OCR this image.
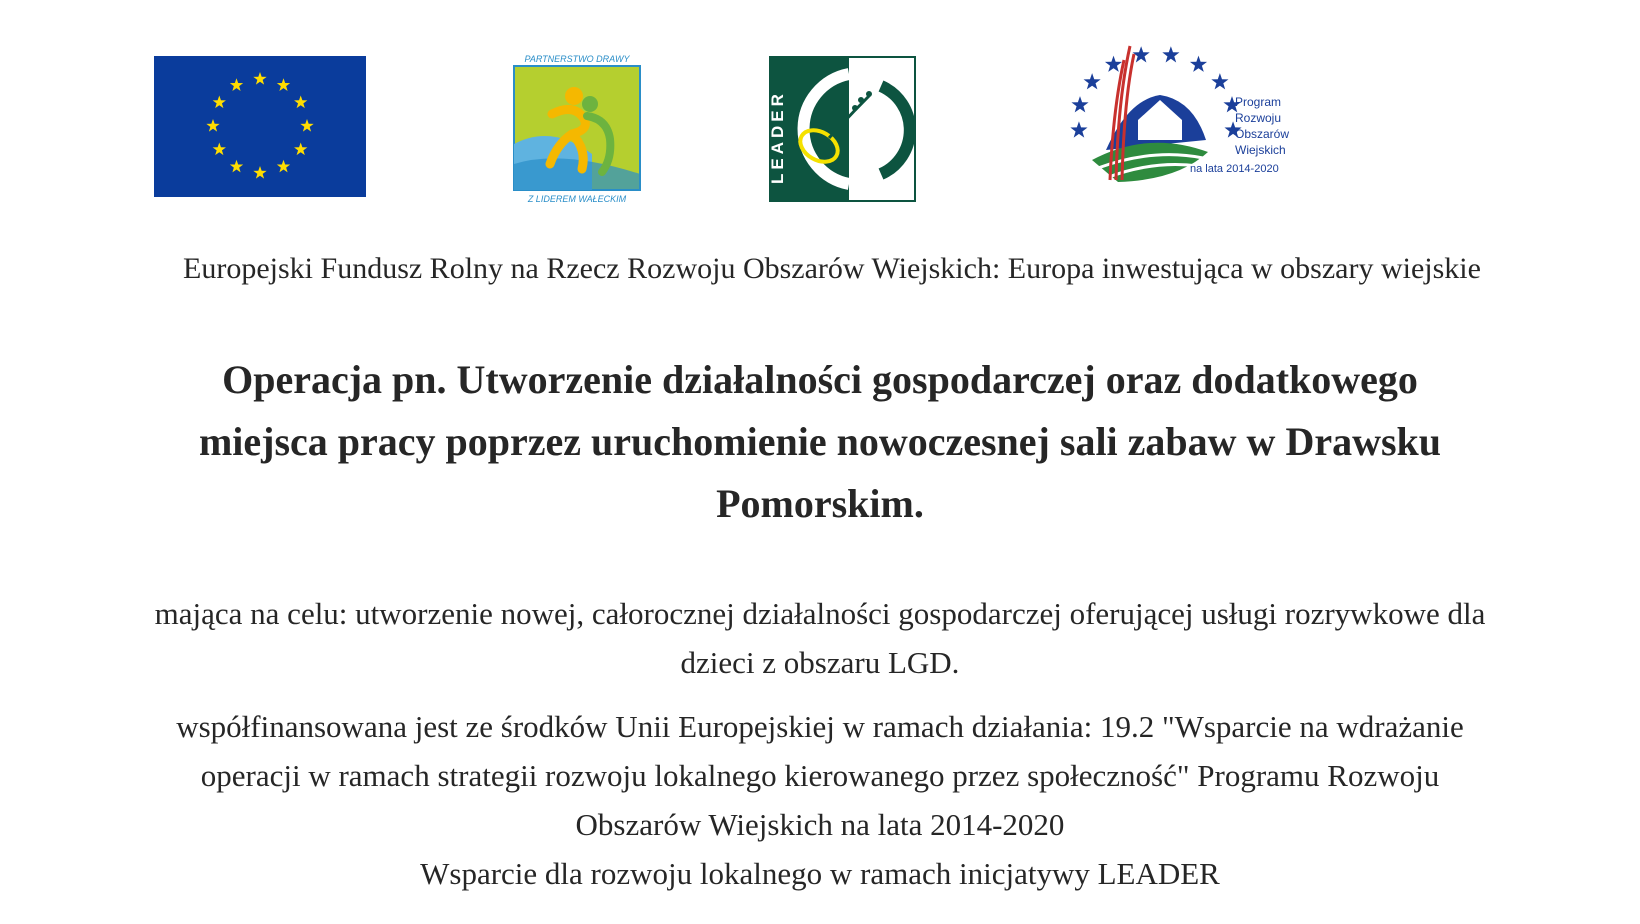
PARTNERSTWO DRAWY
Z LIDEREM WAŁECKIM
LEADER	Program
Rozwoju
Obszarów
Wiejskich
na lata 2014-2020
Europejski Fundusz Rolny na Rzecz Rozwoju Obszarów Wiejskich: Europa inwestująca w obszary wiejskie
Operacja pn. Utworzenie działalności gospodarczej oraz dodatkowego
miejsca pracy poprzez uruchomienie nowoczesnej sali zabaw w Drawsku
Pomorskim.
mająca na celu: utworzenie nowej, całorocznej działalności gospodarczej oferującej usługi rozrywkowe dla
dzieci z obszaru LGD.
współfinansowana jest ze środków Unii Europejskiej w ramach działania: 19.2 "Wsparcie na wdrażanie
operacji w ramach strategii rozwoju lokalnego kierowanego przez społeczność" Programu Rozwoju
Obszarów Wiejskich na lata 2014-2020
Wsparcie dla rozwoju lokalnego w ramach inicjatywy LEADER
